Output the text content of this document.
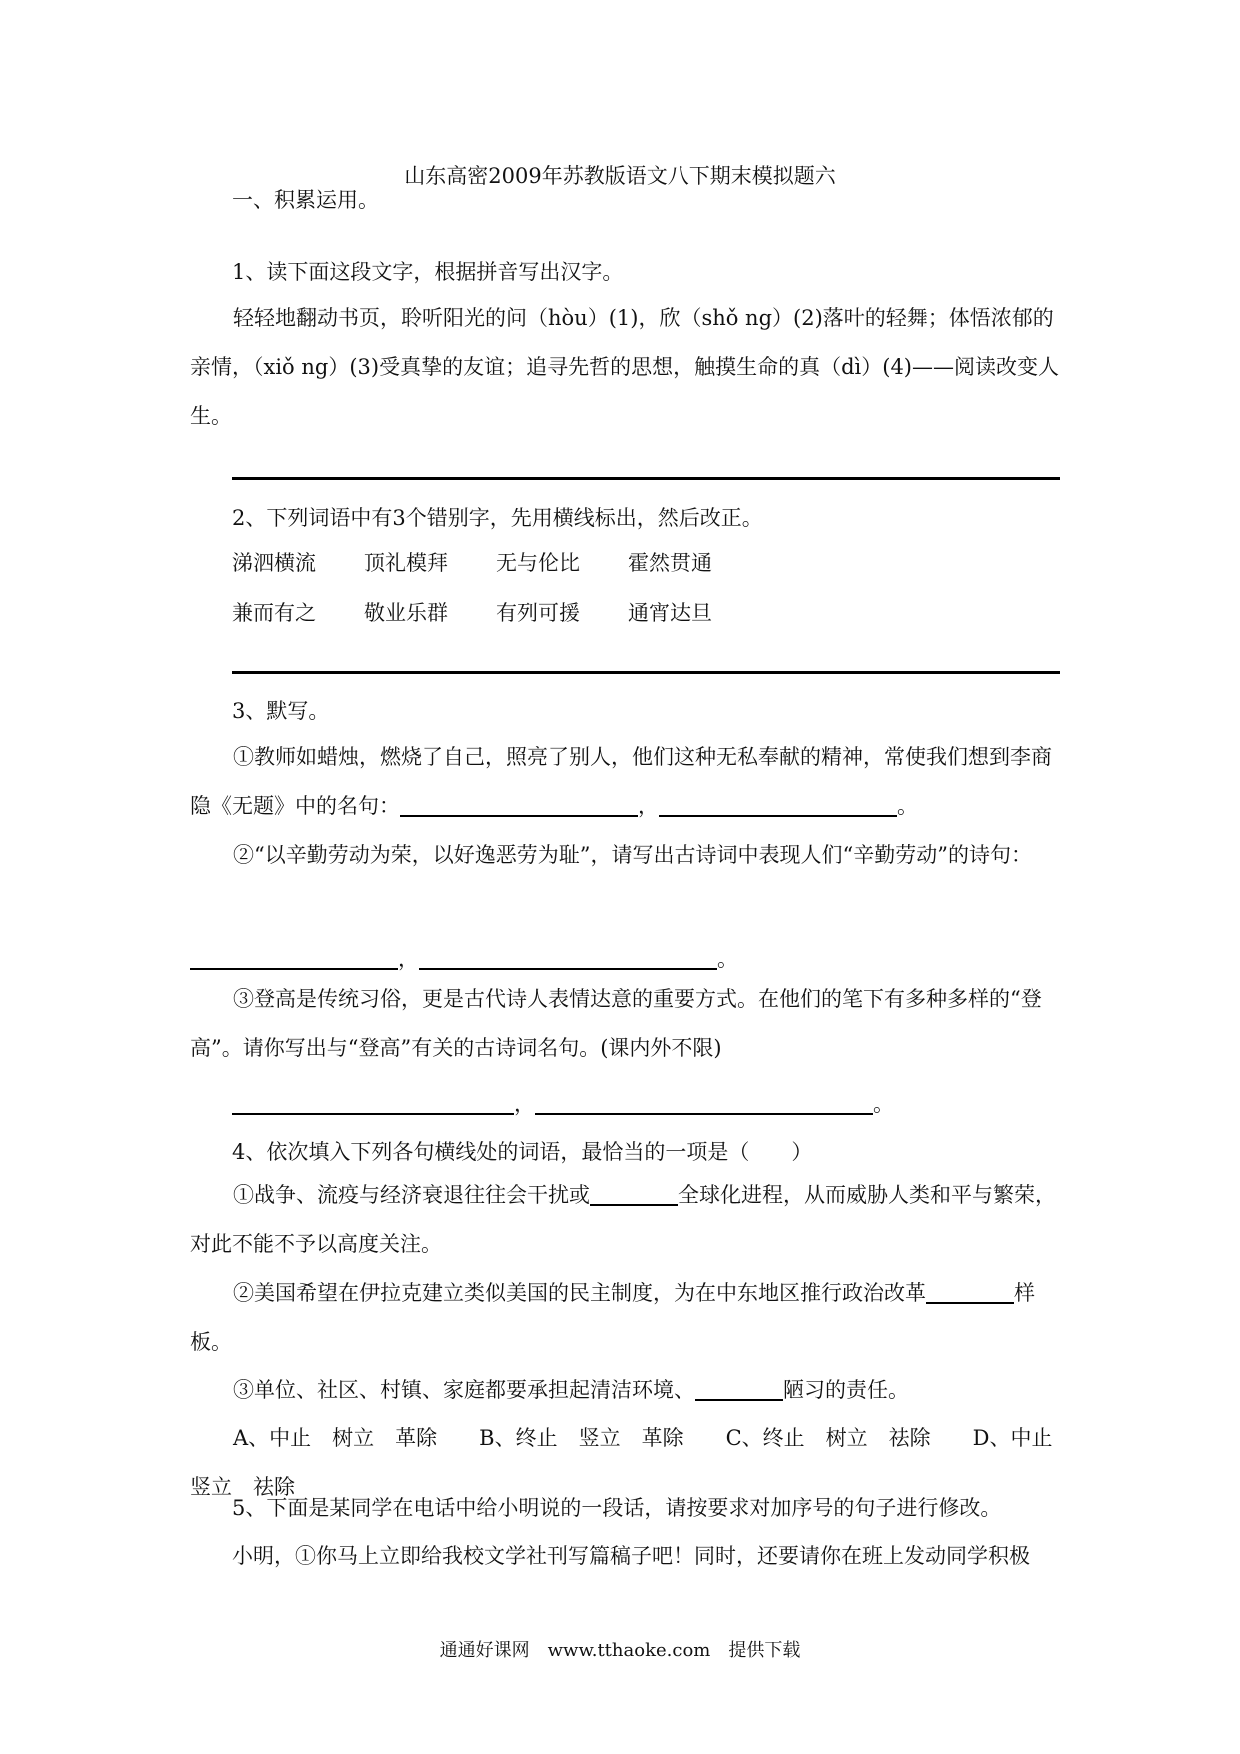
山东高密2009年苏教版语文八下期末模拟题六
一、积累运用。
1、读下面这段文字，根据拼音写出汉字。
轻轻地翻动书页，聆听阳光的问（hòu）(1)，欣（shǒ ng）(2)落叶的轻舞；体悟浓郁的亲情，（xiǒ ng）(3)受真挚的友谊；追寻先哲的思想，触摸生命的真（dì）(4)——阅读改变人生。
2、下列词语中有3个错别字，先用横线标出，然后改正。
涕泗横流 顶礼模拜 无与伦比 霍然贯通
兼而有之 敬业乐群 有列可援 通宵达旦
3、默写。
①教师如蜡烛，燃烧了自己，照亮了别人，他们这种无私奉献的精神，常使我们想到李商隐《无题》中的名句：	，	。
②“以辛勤劳动为荣，以好逸恶劳为耻”，请写出古诗词中表现人们“辛勤劳动”的诗句：
，	。
③登高是传统习俗，更是古代诗人表情达意的重要方式。在他们的笔下有多种多样的“登高”。请你写出与“登高”有关的古诗词名句。(课内外不限)
，	。
4、依次填入下列各句横线处的词语，最恰当的一项是（　　）
①战争、流疫与经济衰退往往会干扰或	全球化进程，从而威胁人类和平与繁荣，对此不能不予以高度关注。
②美国希望在伊拉克建立类似美国的民主制度，为在中东地区推行政治改革	样板。
③单位、社区、村镇、家庭都要承担起清洁环境、	陋习的责任。
A、中止　树立　革除　　B、终止　竖立　革除　　C、终止　树立　祛除　　D、中止竖立　祛除
5、下面是某同学在电话中给小明说的一段话，请按要求对加序号的句子进行修改。
小明，①你马上立即给我校文学社刊写篇稿子吧！同时，还要请你在班上发动同学积极
通通好课网　www.tthaoke.com　提供下载
